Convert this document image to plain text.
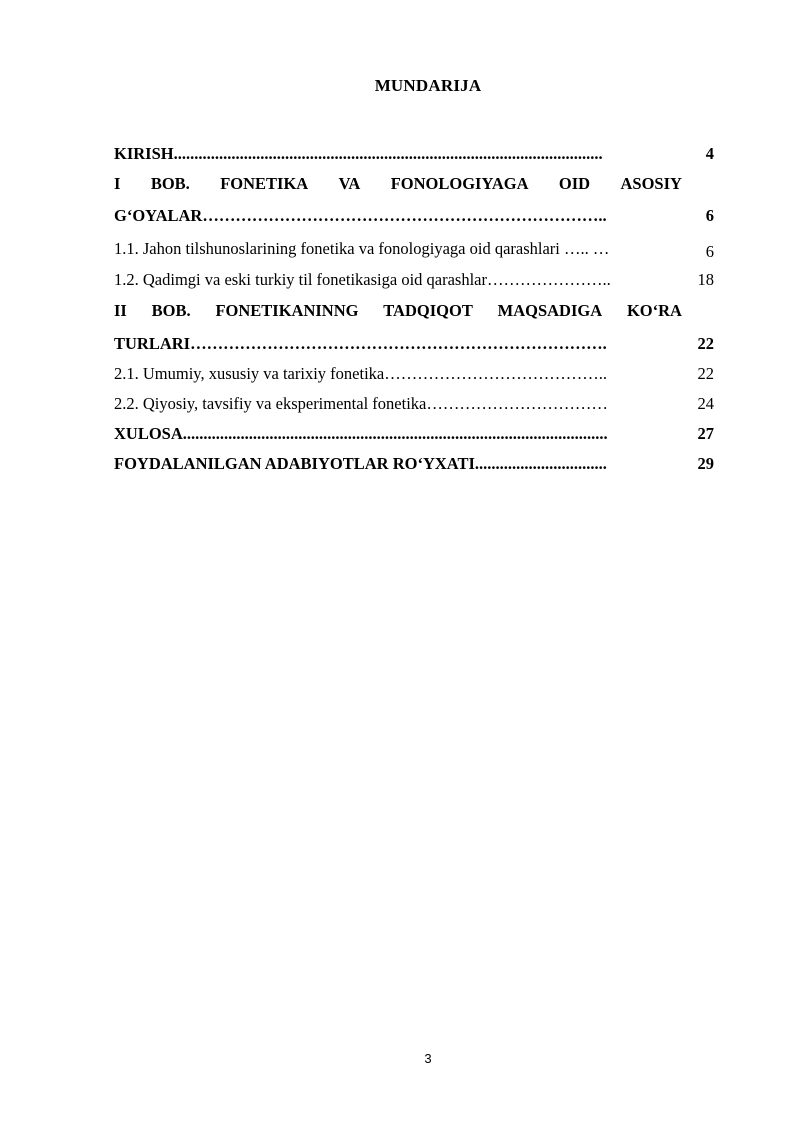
MUNDARIJA
KIRISH........................................................................................................	4
I BOB. FONETIKA VA FONOLOGIYAGA OID ASOSIY
G‘OYALAR………………………………………………………………..	6
1.1. Jahon tilshunoslarining fonetika va fonologiyaga oid qarashlari ….. …	6
1.2. Qadimgi va eski turkiy til fonetikasiga oid qarashlar…………………..	18
II BOB. FONETIKANINNG TADQIQOT MAQSADIGA KO‘RA
TURLARI………………………………………………………………….	22
2.1. Umumiy, xususiy va tarixiy fonetika…………………………………..	22
2.2. Qiyosiy, tavsifiy va eksperimental fonetika……………………………	24
XULOSA.......................................................................................................	27
FOYDALANILGAN ADABIYOTLAR RO‘YXATI................................	29
3
